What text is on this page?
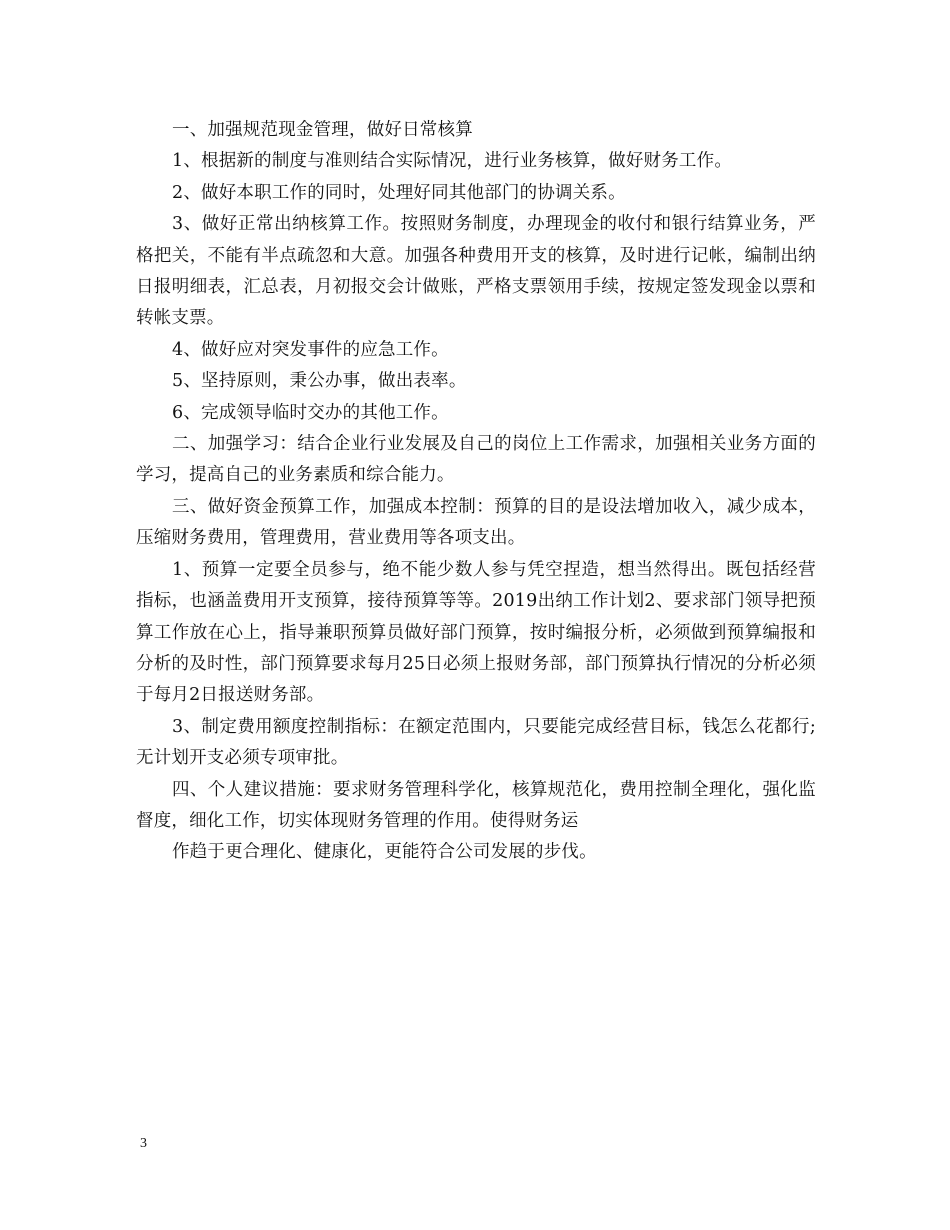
一、加强规范现金管理，做好日常核算

1、根据新的制度与准则结合实际情况，进行业务核算，做好财务工作。

2、做好本职工作的同时，处理好同其他部门的协调关系。

3、做好正常出纳核算工作。按照财务制度，办理现金的收付和银行结算业务，严格把关，不能有半点疏忽和大意。加强各种费用开支的核算，及时进行记帐，编制出纳日报明细表，汇总表，月初报交会计做账，严格支票领用手续，按规定签发现金以票和转帐支票。

4、做好应对突发事件的应急工作。

5、坚持原则，秉公办事，做出表率。

6、完成领导临时交办的其他工作。

二、加强学习：结合企业行业发展及自己的岗位上工作需求，加强相关业务方面的学习，提高自己的业务素质和综合能力。

三、做好资金预算工作，加强成本控制：预算的目的是设法增加收入，减少成本，压缩财务费用，管理费用，营业费用等各项支出。

1、预算一定要全员参与，绝不能少数人参与凭空捏造，想当然得出。既包括经营指标，也涵盖费用开支预算，接待预算等等。2019出纳工作计划2、要求部门领导把预算工作放在心上，指导兼职预算员做好部门预算，按时编报分析，必须做到预算编报和分析的及时性，部门预算要求每月25日必须上报财务部，部门预算执行情况的分析必须于每月2日报送财务部。

3、制定费用额度控制指标：在额定范围内，只要能完成经营目标，钱怎么花都行;无计划开支必须专项审批。

四、个人建议措施：要求财务管理科学化，核算规范化，费用控制全理化，强化监督度，细化工作，切实体现财务管理的作用。使得财务运

作趋于更合理化、健康化，更能符合公司发展的步伐。

3
